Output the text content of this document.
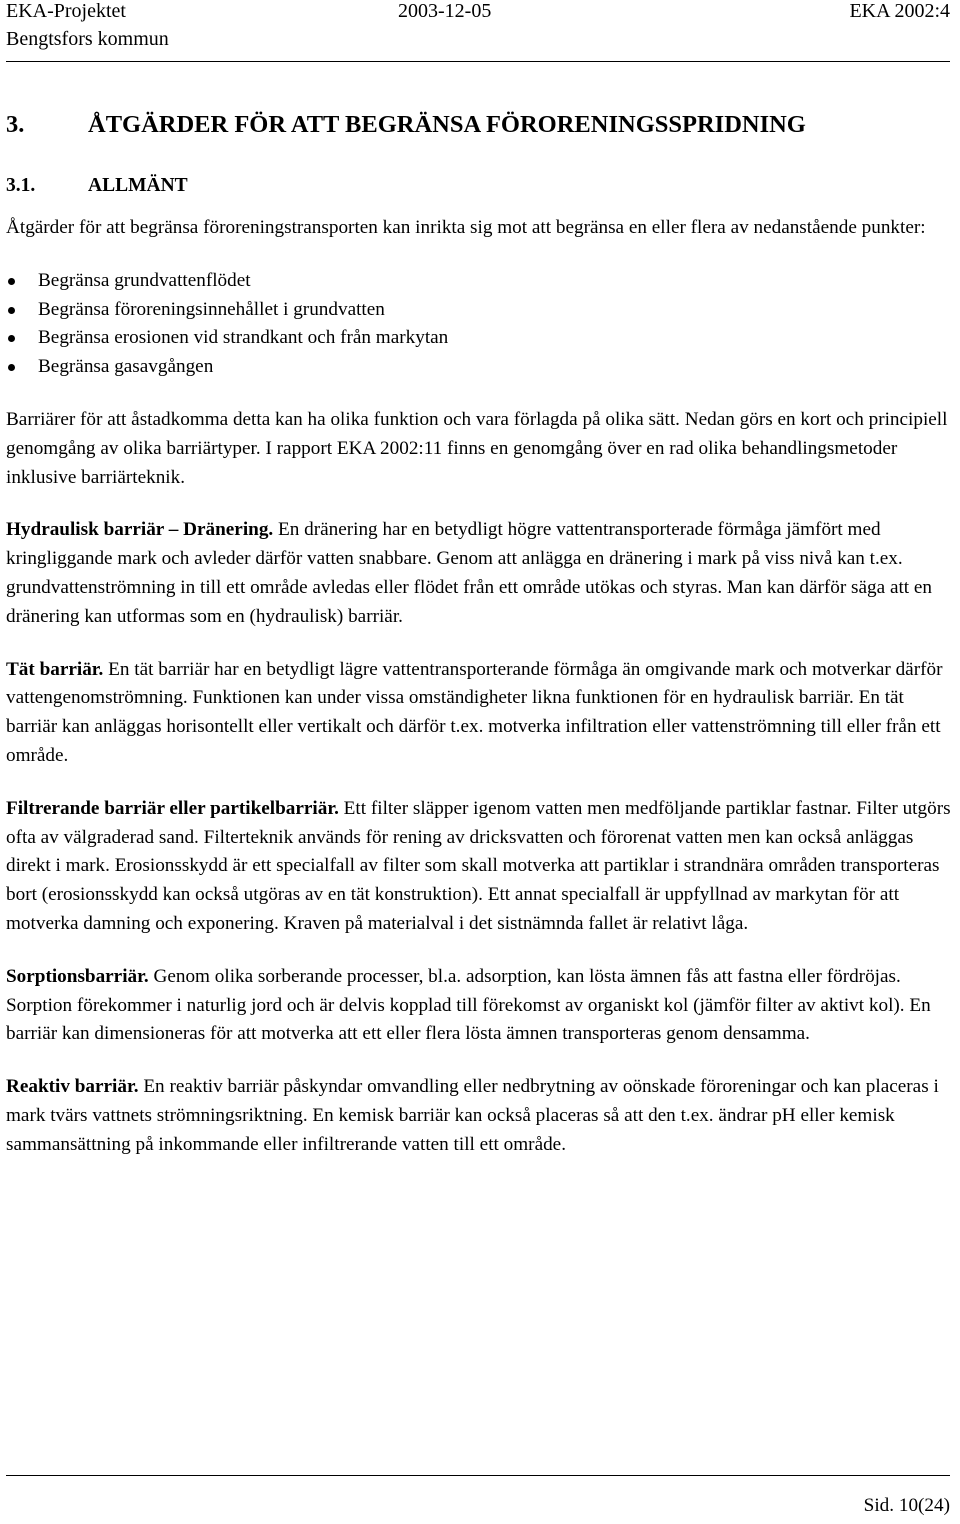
EKA-Projektet	2003-12-05	EKA 2002:4
Bengtsfors kommun
3.	ÅTGÄRDER FÖR ATT BEGRÄNSA FÖRORENINGSSPRIDNING
3.1.	ALLMÄNT

Åtgärder för att begränsa föroreningstransporten kan inrikta sig mot att begränsa en eller flera av nedanstående punkter:

Begränsa grundvattenflödet
Begränsa föroreningsinnehållet i grundvatten
Begränsa erosionen vid strandkant och från markytan
Begränsa gasavgången

Barriärer för att åstadkomma detta kan ha olika funktion och vara förlagda på olika sätt. Nedan görs en kort och principiell genomgång av olika barriärtyper. I rapport EKA 2002:11 finns en genomgång över en rad olika behandlingsmetoder inklusive barriärteknik.

Hydraulisk barriär – Dränering. En dränering har en betydligt högre vattentransporterade förmåga jämfört med kringliggande mark och avleder därför vatten snabbare. Genom att anlägga en dränering i mark på viss nivå kan t.ex. grundvattenströmning in till ett område avledas eller flödet från ett område utökas och styras. Man kan därför säga att en dränering kan utformas som en (hydraulisk) barriär.

Tät barriär. En tät barriär har en betydligt lägre vattentransporterande förmåga än omgivande mark och motverkar därför vattengenomströmning. Funktionen kan under vissa omständigheter likna funktionen för en hydraulisk barriär. En tät barriär kan anläggas horisontellt eller vertikalt och därför t.ex. motverka infiltration eller vattenströmning till eller från ett område.

Filtrerande barriär eller partikelbarriär. Ett filter släpper igenom vatten men medföljande partiklar fastnar. Filter utgörs ofta av välgraderad sand. Filterteknik används för rening av dricksvatten och förorenat vatten men kan också anläggas direkt i mark. Erosionsskydd är ett specialfall av filter som skall motverka att partiklar i strandnära områden transporteras bort (erosionsskydd kan också utgöras av en tät konstruktion). Ett annat specialfall är uppfyllnad av markytan för att motverka damning och exponering. Kraven på materialval i det sistnämnda fallet är relativt låga.

Sorptionsbarriär. Genom olika sorberande processer, bl.a. adsorption, kan lösta ämnen fås att fastna eller fördröjas. Sorption förekommer i naturlig jord och är delvis kopplad till förekomst av organiskt kol (jämför filter av aktivt kol). En barriär kan dimensioneras för att motverka att ett eller flera lösta ämnen transporteras genom densamma.

Reaktiv barriär. En reaktiv barriär påskyndar omvandling eller nedbrytning av oönskade föroreningar och kan placeras i mark tvärs vattnets strömningsriktning. En kemisk barriär kan också placeras så att den t.ex. ändrar pH eller kemisk sammansättning på inkommande eller infiltrerande vatten till ett område.

Sid. 10(24)
